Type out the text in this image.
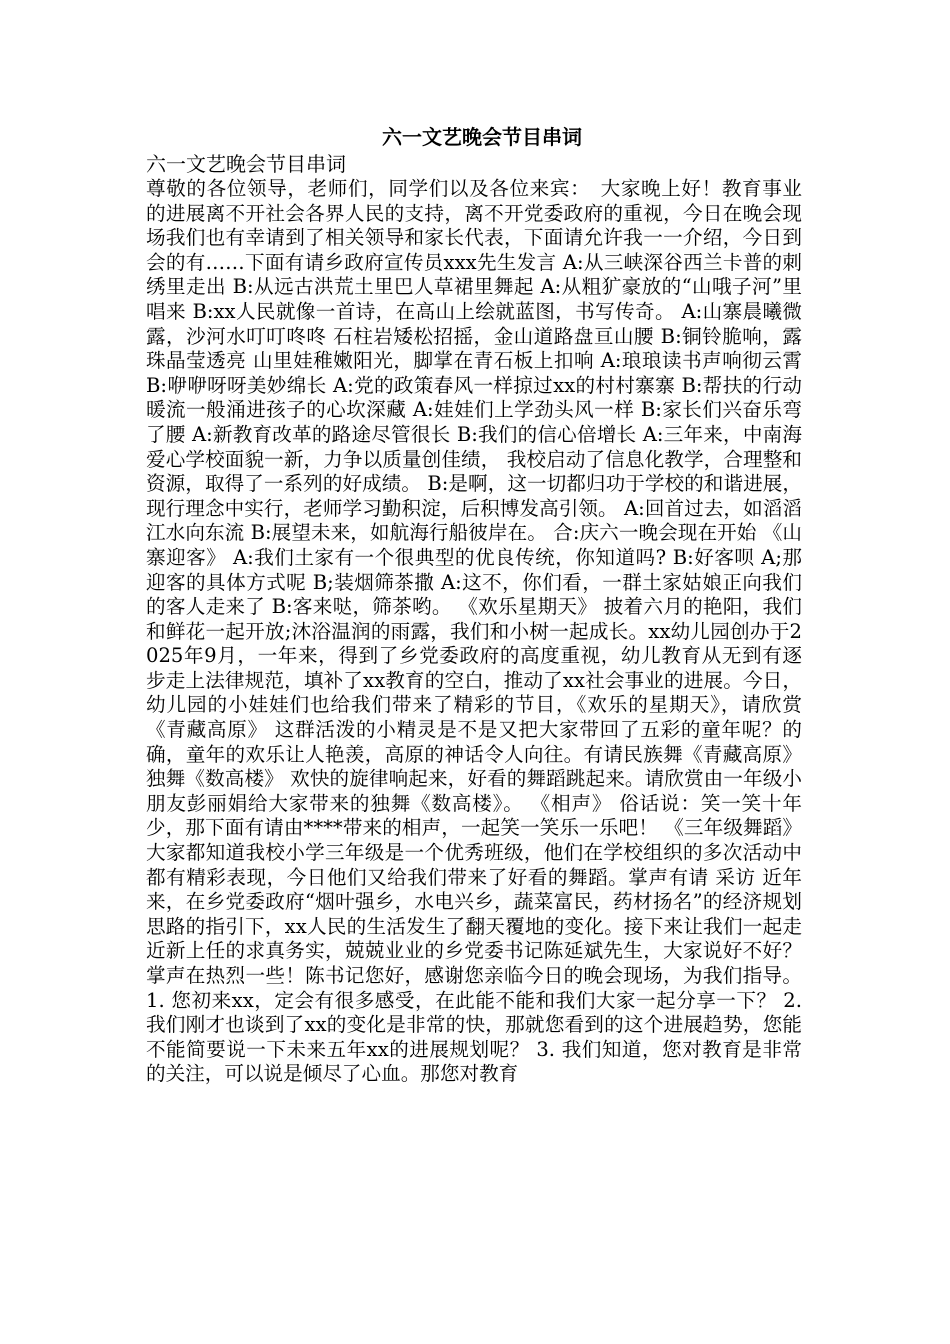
六一文艺晚会节目串词

六一文艺晚会节目串词

尊敬的各位领导，老师们，同学们以及各位来宾：　大家晚上好！教育事业的进展离不开社会各界人民的支持，离不开党委政府的重视，今日在晚会现场我们也有幸请到了相关领导和家长代表，下面请允许我一一介绍，今日到会的有……下面有请乡政府宣传员xxx先生发言 A:从三峡深谷西兰卡普的刺绣里走出 B:从远古洪荒土里巴人草裙里舞起 A:从粗犷豪放的“山哦子河”里唱来 B:xx人民就像一首诗，在高山上绘就蓝图，书写传奇。 A:山寨晨曦微露，沙河水叮叮咚咚 石柱岩矮松招摇，金山道路盘亘山腰 B:铜铃脆响，露珠晶莹透亮 山里娃稚嫩阳光，脚掌在青石板上扣响 A:琅琅读书声响彻云霄 B:咿咿呀呀美妙绵长 A:党的政策春风一样掠过xx的村村寨寨 B:帮扶的行动暖流一般涌进孩子的心坎深藏 A:娃娃们上学劲头风一样 B:家长们兴奋乐弯了腰 A:新教育改革的路途尽管很长 B:我们的信心倍增长 A:三年来，中南海爱心学校面貌一新，力争以质量创佳绩， 我校启动了信息化教学，合理整和资源，取得了一系列的好成绩。 B:是啊，这一切都归功于学校的和谐进展，现行理念中实行，老师学习勤积淀，后积博发高引领。 A:回首过去，如滔滔江水向东流 B:展望未来，如航海行船彼岸在。 合:庆六一晚会现在开始 《山寨迎客》 A:我们土家有一个很典型的优良传统，你知道吗? B:好客呗 A;那迎客的具体方式呢 B;装烟筛茶撒 A:这不，你们看，一群土家姑娘正向我们的客人走来了 B:客来哒，筛茶哟。 《欢乐星期天》 披着六月的艳阳，我们和鲜花一起开放;沐浴温润的雨露，我们和小树一起成长。xx幼儿园创办于2025年9月，一年来，得到了乡党委政府的高度重视，幼儿教育从无到有逐步走上法律规范，填补了xx教育的空白，推动了xx社会事业的进展。今日，幼儿园的小娃娃们也给我们带来了精彩的节目，《欢乐的星期天》，请欣赏 《青藏高原》 这群活泼的小精灵是不是又把大家带回了五彩的童年呢？的确，童年的欢乐让人艳羡，高原的神话令人向往。有请民族舞《青藏高原》 独舞《数高楼》 欢快的旋律响起来，好看的舞蹈跳起来。请欣赏由一年级小朋友彭丽娟给大家带来的独舞《数高楼》。 《相声》 俗话说：笑一笑十年少，那下面有请由****带来的相声，一起笑一笑乐一乐吧！ 《三年级舞蹈》 大家都知道我校小学三年级是一个优秀班级，他们在学校组织的多次活动中都有精彩表现，今日他们又给我们带来了好看的舞蹈。掌声有请 采访 近年来，在乡党委政府“烟叶强乡，水电兴乡，蔬菜富民，药材扬名”的经济规划思路的指引下，xx人民的生活发生了翻天覆地的变化。接下来让我们一起走近新上任的求真务实，兢兢业业的乡党委书记陈延斌先生，大家说好不好？掌声在热烈一些！陈书记您好，感谢您亲临今日的晚会现场，为我们指导。 1. 您初来xx，定会有很多感受，在此能不能和我们大家一起分享一下？ 2. 我们刚才也谈到了xx的变化是非常的快，那就您看到的这个进展趋势，您能不能简要说一下未来五年xx的进展规划呢？ 3. 我们知道，您对教育是非常的关注，可以说是倾尽了心血。那您对教育
